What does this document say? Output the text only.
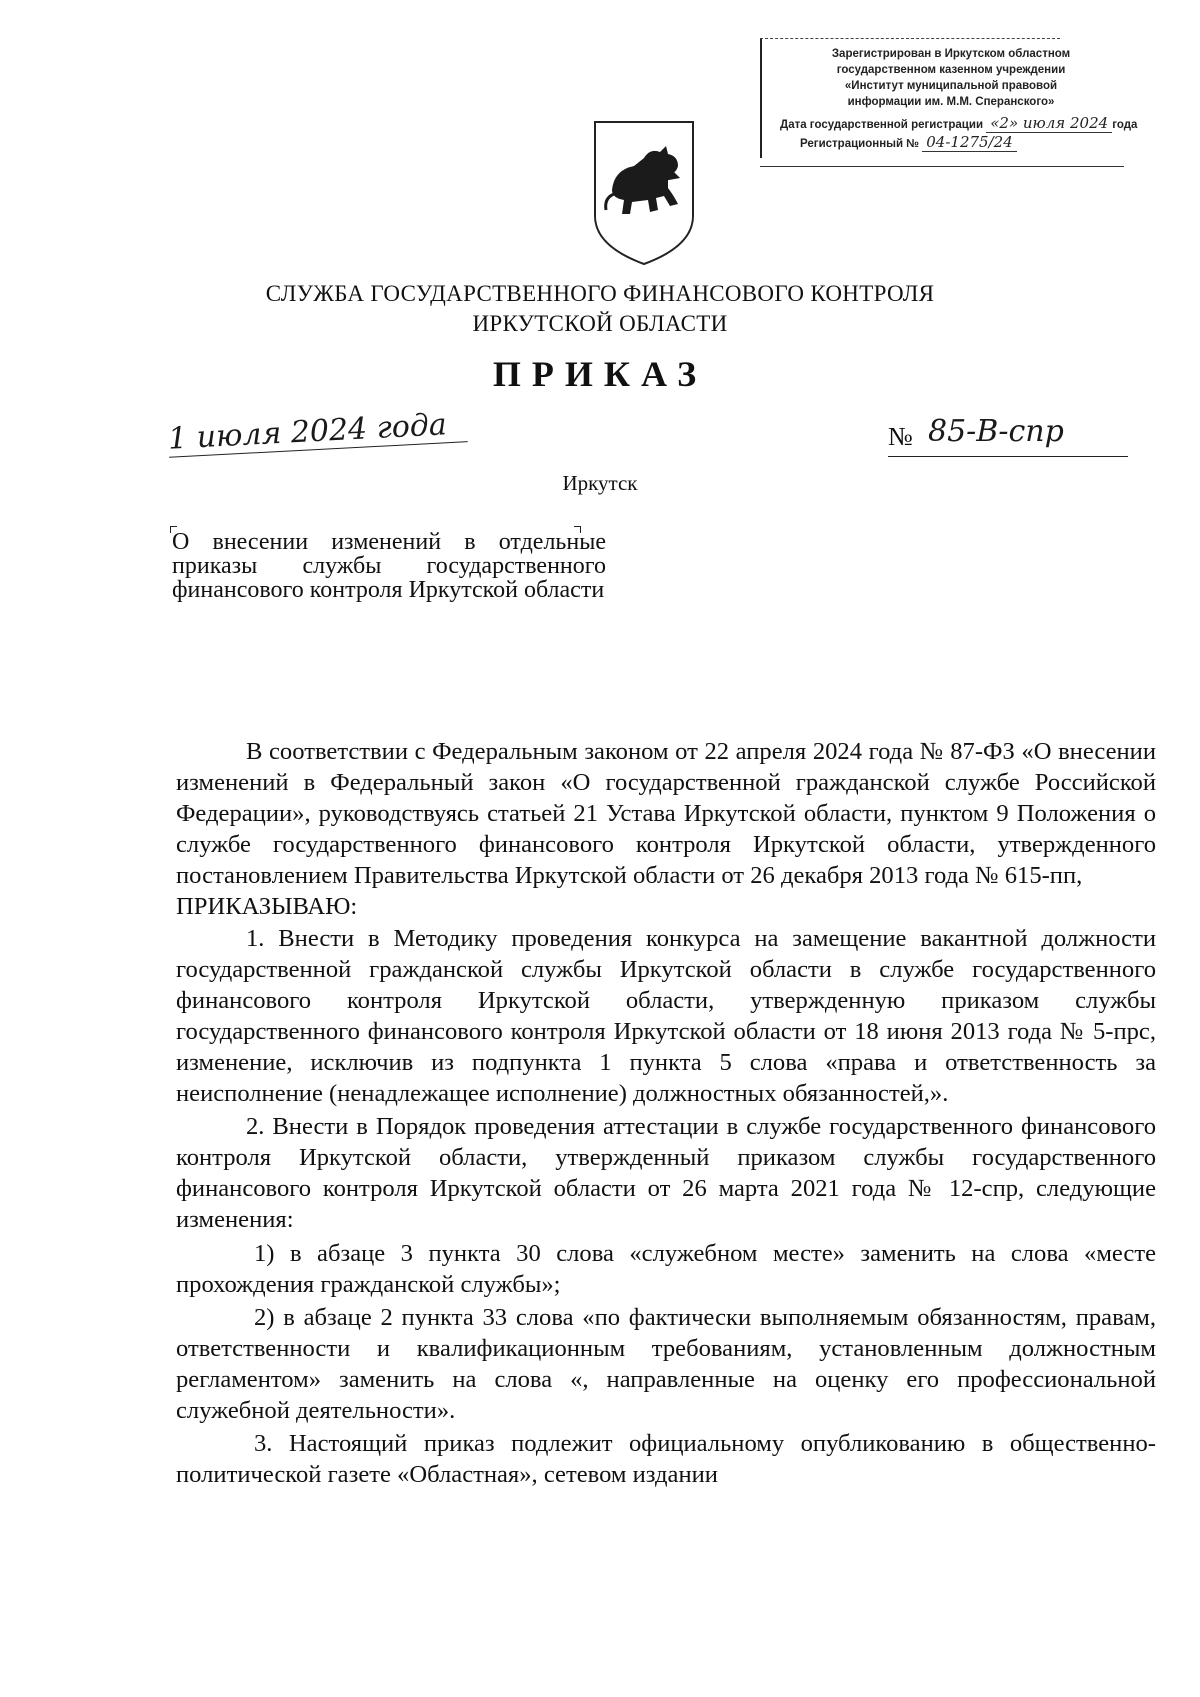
Зарегистрирован в Иркутском областном
государственном казенном учреждении
«Институт муниципальной правовой
информации им. М.М. Сперанского»
Дата государственной регистрации «2» июля 2024 года
Регистрационный № 04-1275/24
СЛУЖБА ГОСУДАРСТВЕННОГО ФИНАНСОВОГО КОНТРОЛЯ
ИРКУТСКОЙ ОБЛАСТИ
ПРИКАЗ
1 июля 2024 года	№ 85-В-спр
Иркутск
О внесении изменений в отдельные приказы службы государственного финансового контроля Иркутской области

В соответствии с Федеральным законом от 22 апреля 2024 года № 87-ФЗ «О внесении изменений в Федеральный закон «О государственной гражданской службе Российской Федерации», руководствуясь статьей 21 Устава Иркутской области, пунктом 9 Положения о службе государственного финансового контроля Иркутской области, утвержденного постановлением Правительства Иркутской области от 26 декабря 2013 года № 615-пп,

ПРИКАЗЫВАЮ:

1. Внести в Методику проведения конкурса на замещение вакантной должности государственной гражданской службы Иркутской области в службе государственного финансового контроля Иркутской области, утвержденную приказом службы государственного финансового контроля Иркутской области от 18 июня 2013 года № 5-прс, изменение, исключив из подпункта 1 пункта 5 слова «права и ответственность за неисполнение (ненадлежащее исполнение) должностных обязанностей,».

2. Внести в Порядок проведения аттестации в службе государственного финансового контроля Иркутской области, утвержденный приказом службы государственного финансового контроля Иркутской области от 26 марта 2021 года № 12-спр, следующие изменения:

1) в абзаце 3 пункта 30 слова «служебном месте» заменить на слова «месте прохождения гражданской службы»;

2) в абзаце 2 пункта 33 слова «по фактически выполняемым обязанностям, правам, ответственности и квалификационным требованиям, установленным должностным регламентом» заменить на слова «, направленные на оценку его профессиональной служебной деятельности».

3. Настоящий приказ подлежит официальному опубликованию в общественно-политической газете «Областная», сетевом издании
